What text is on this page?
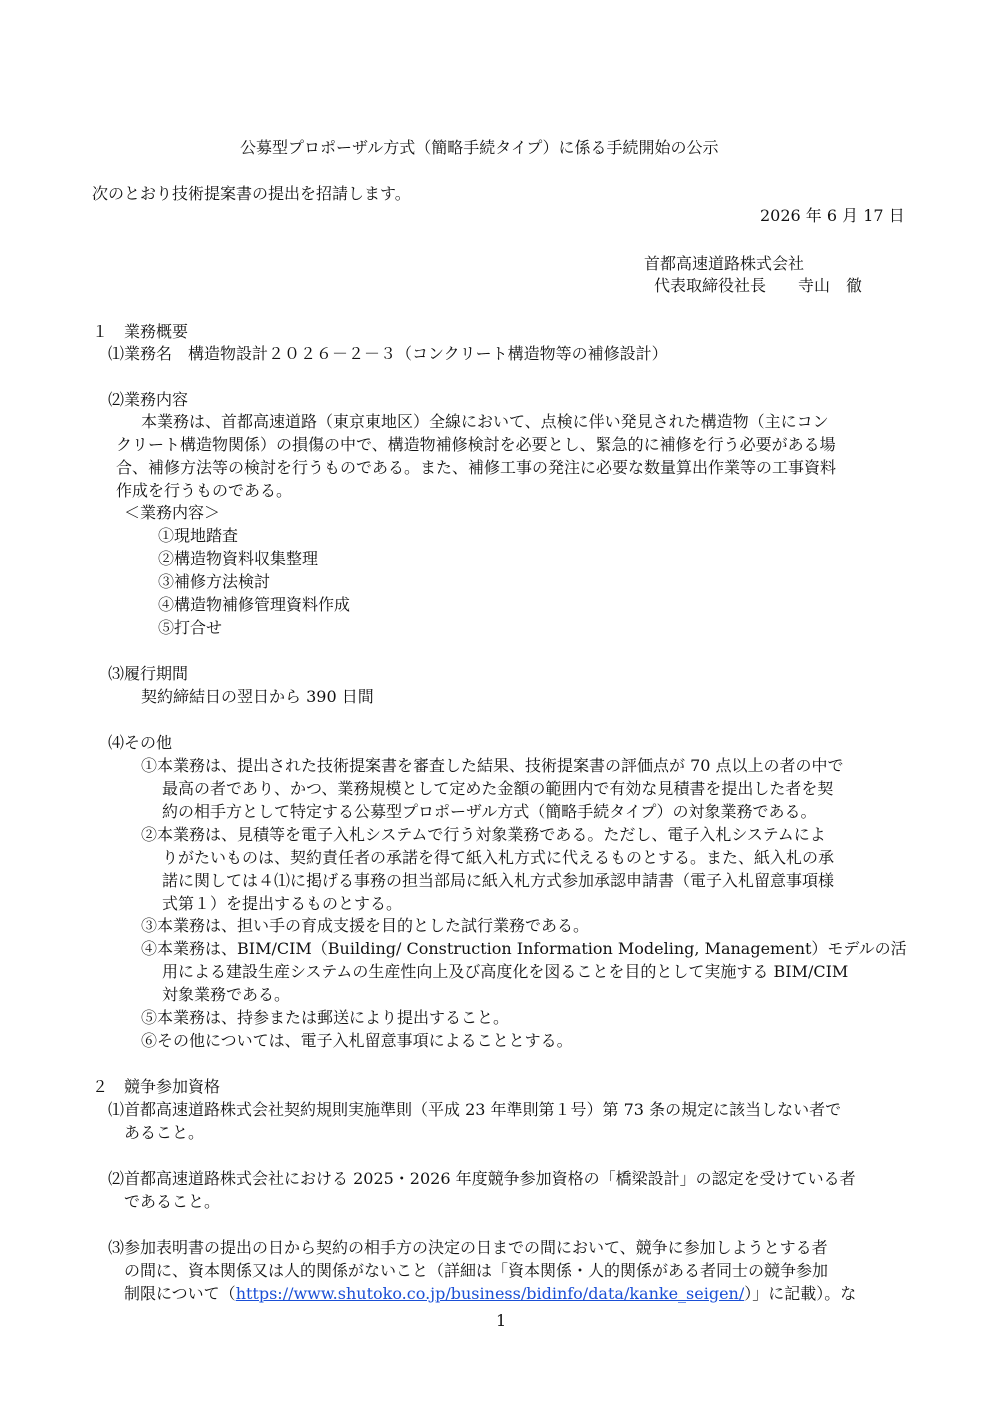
公募型プロポーザル方式（簡略手続タイプ）に係る手続開始の公示
次のとおり技術提案書の提出を招請します。
2026 年 6 月 17 日
首都高速道路株式会社
代表取締役社長　　寺山　徹
１　業務概要
⑴業務名　構造物設計２０２６－２－３（コンクリート構造物等の補修設計）
⑵業務内容
本業務は、首都高速道路（東京東地区）全線において、点検に伴い発見された構造物（主にコン
クリート構造物関係）の損傷の中で、構造物補修検討を必要とし、緊急的に補修を行う必要がある場
合、補修方法等の検討を行うものである。また、補修工事の発注に必要な数量算出作業等の工事資料
作成を行うものである。
＜業務内容＞
①現地踏査
②構造物資料収集整理
③補修方法検討
④構造物補修管理資料作成
⑤打合せ
⑶履行期間
契約締結日の翌日から 390 日間
⑷その他
①本業務は、提出された技術提案書を審査した結果、技術提案書の評価点が 70 点以上の者の中で
最高の者であり、かつ、業務規模として定めた金額の範囲内で有効な見積書を提出した者を契
約の相手方として特定する公募型プロポーザル方式（簡略手続タイプ）の対象業務である。
②本業務は、見積等を電子入札システムで行う対象業務である。ただし、電子入札システムによ
りがたいものは、契約責任者の承諾を得て紙入札方式に代えるものとする。また、紙入札の承
諾に関しては４⑴に掲げる事務の担当部局に紙入札方式参加承認申請書（電子入札留意事項様
式第１）を提出するものとする。
③本業務は、担い手の育成支援を目的とした試行業務である。
④本業務は、BIM/CIM（Building/ Construction Information Modeling, Management）モデルの活
用による建設生産システムの生産性向上及び高度化を図ることを目的として実施する BIM/CIM
対象業務である。
⑤本業務は、持参または郵送により提出すること。
⑥その他については、電子入札留意事項によることとする。
２　競争参加資格
⑴首都高速道路株式会社契約規則実施準則（平成 23 年準則第１号）第 73 条の規定に該当しない者で
あること。
⑵首都高速道路株式会社における 2025・2026 年度競争参加資格の「橋梁設計」の認定を受けている者
であること。
⑶参加表明書の提出の日から契約の相手方の決定の日までの間において、競争に参加しようとする者
の間に、資本関係又は人的関係がないこと（詳細は「資本関係・人的関係がある者同士の競争参加
制限について（https://www.shutoko.co.jp/business/bidinfo/data/kanke_seigen/）」に記載）。な
1
